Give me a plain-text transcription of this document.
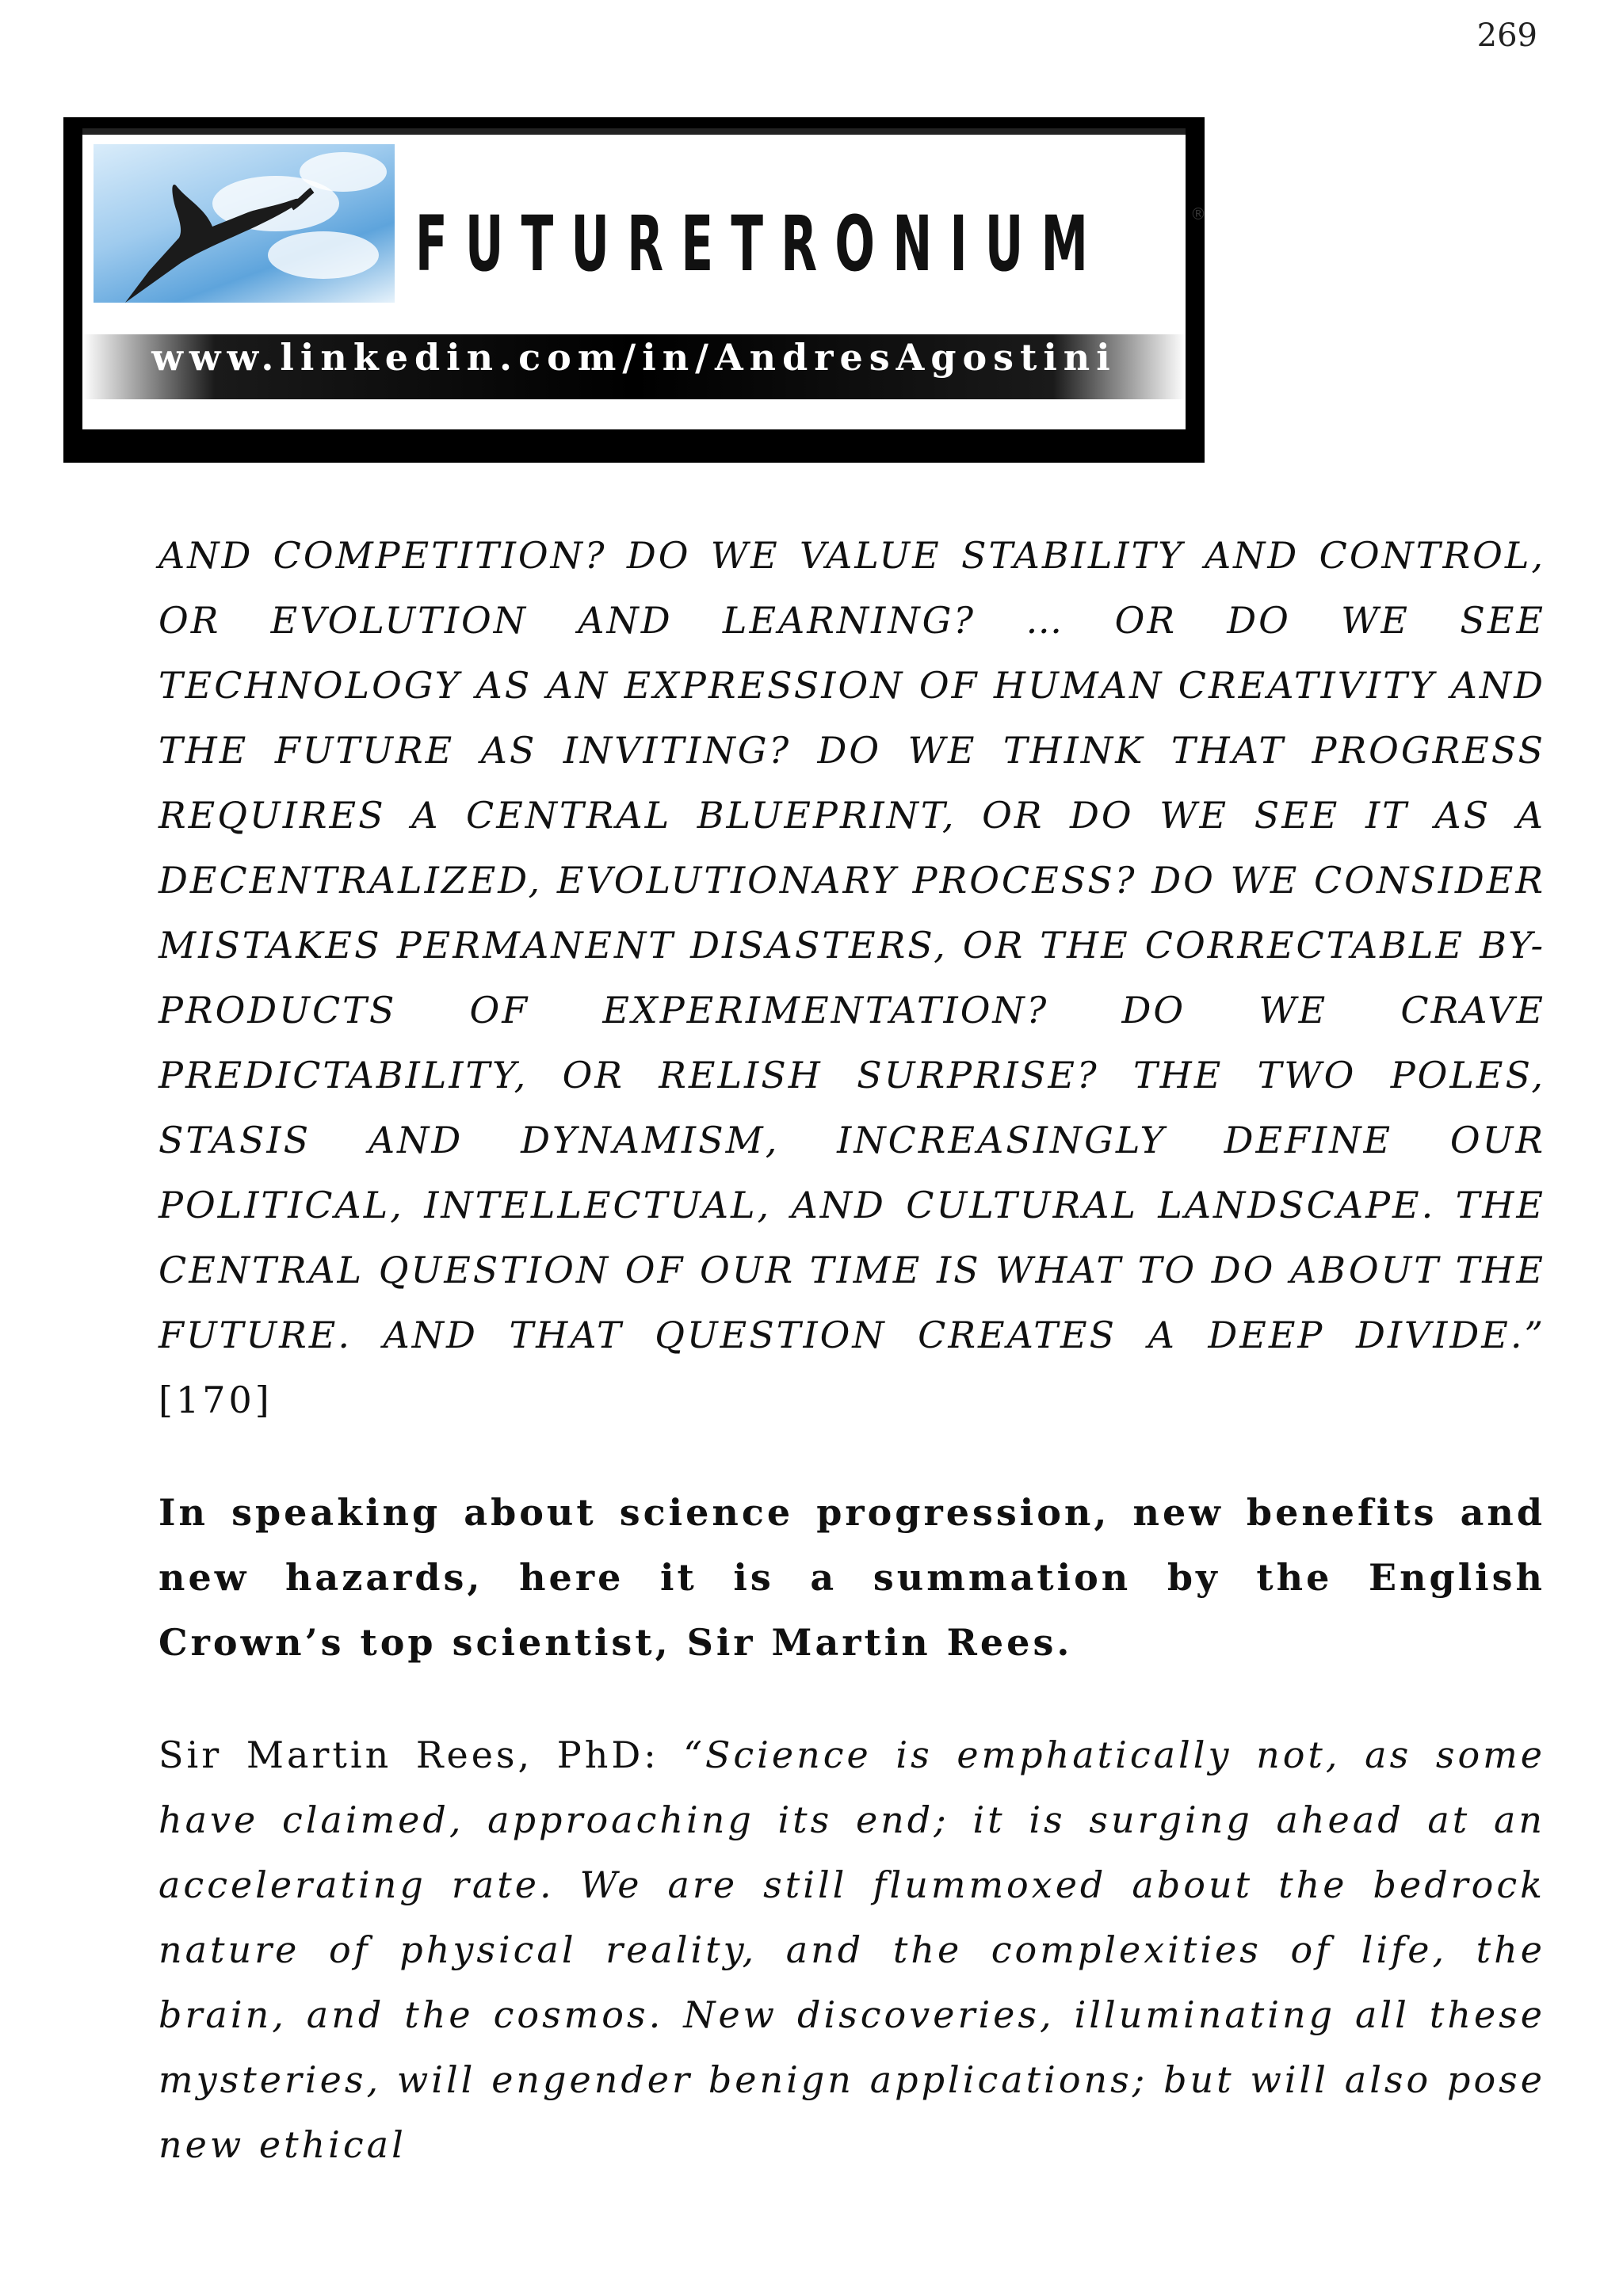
269
FUTURETRONIUM	®
www.linkedin.com/in/AndresAgostini
FUTURETRONIUM, THE BOOK

AND COMPETITION? DO WE VALUE STABILITY AND CONTROL, OR EVOLUTION AND LEARNING? … OR DO WE SEE TECHNOLOGY AS AN EXPRESSION OF HUMAN CREATIVITY AND THE FUTURE AS INVITING? DO WE THINK THAT PROGRESS REQUIRES A CENTRAL BLUEPRINT, OR DO WE SEE IT AS A DECENTRALIZED, EVOLUTIONARY PROCESS? DO WE CONSIDER MISTAKES PERMANENT DISASTERS, OR THE CORRECTABLE BY-PRODUCTS OF EXPERIMENTATION? DO WE CRAVE PREDICTABILITY, OR RELISH SURPRISE? THE TWO POLES, STASIS AND DYNAMISM, INCREASINGLY DEFINE OUR POLITICAL, INTELLECTUAL, AND CULTURAL LANDSCAPE. THE CENTRAL QUESTION OF OUR TIME IS WHAT TO DO ABOUT THE FUTURE. AND THAT QUESTION CREATES A DEEP DIVIDE.” [170]

In speaking about science progression, new benefits and new hazards, here it is a summation by the English Crown’s top scientist, Sir Martin Rees.

Sir Martin Rees, PhD: “Science is emphatically not, as some have claimed, approaching its end; it is surging ahead at an accelerating rate. We are still flummoxed about the bedrock nature of physical reality, and the complexities of life, the brain, and the cosmos. New discoveries, illuminating all these mysteries, will engender benign applications; but will also pose new ethical
